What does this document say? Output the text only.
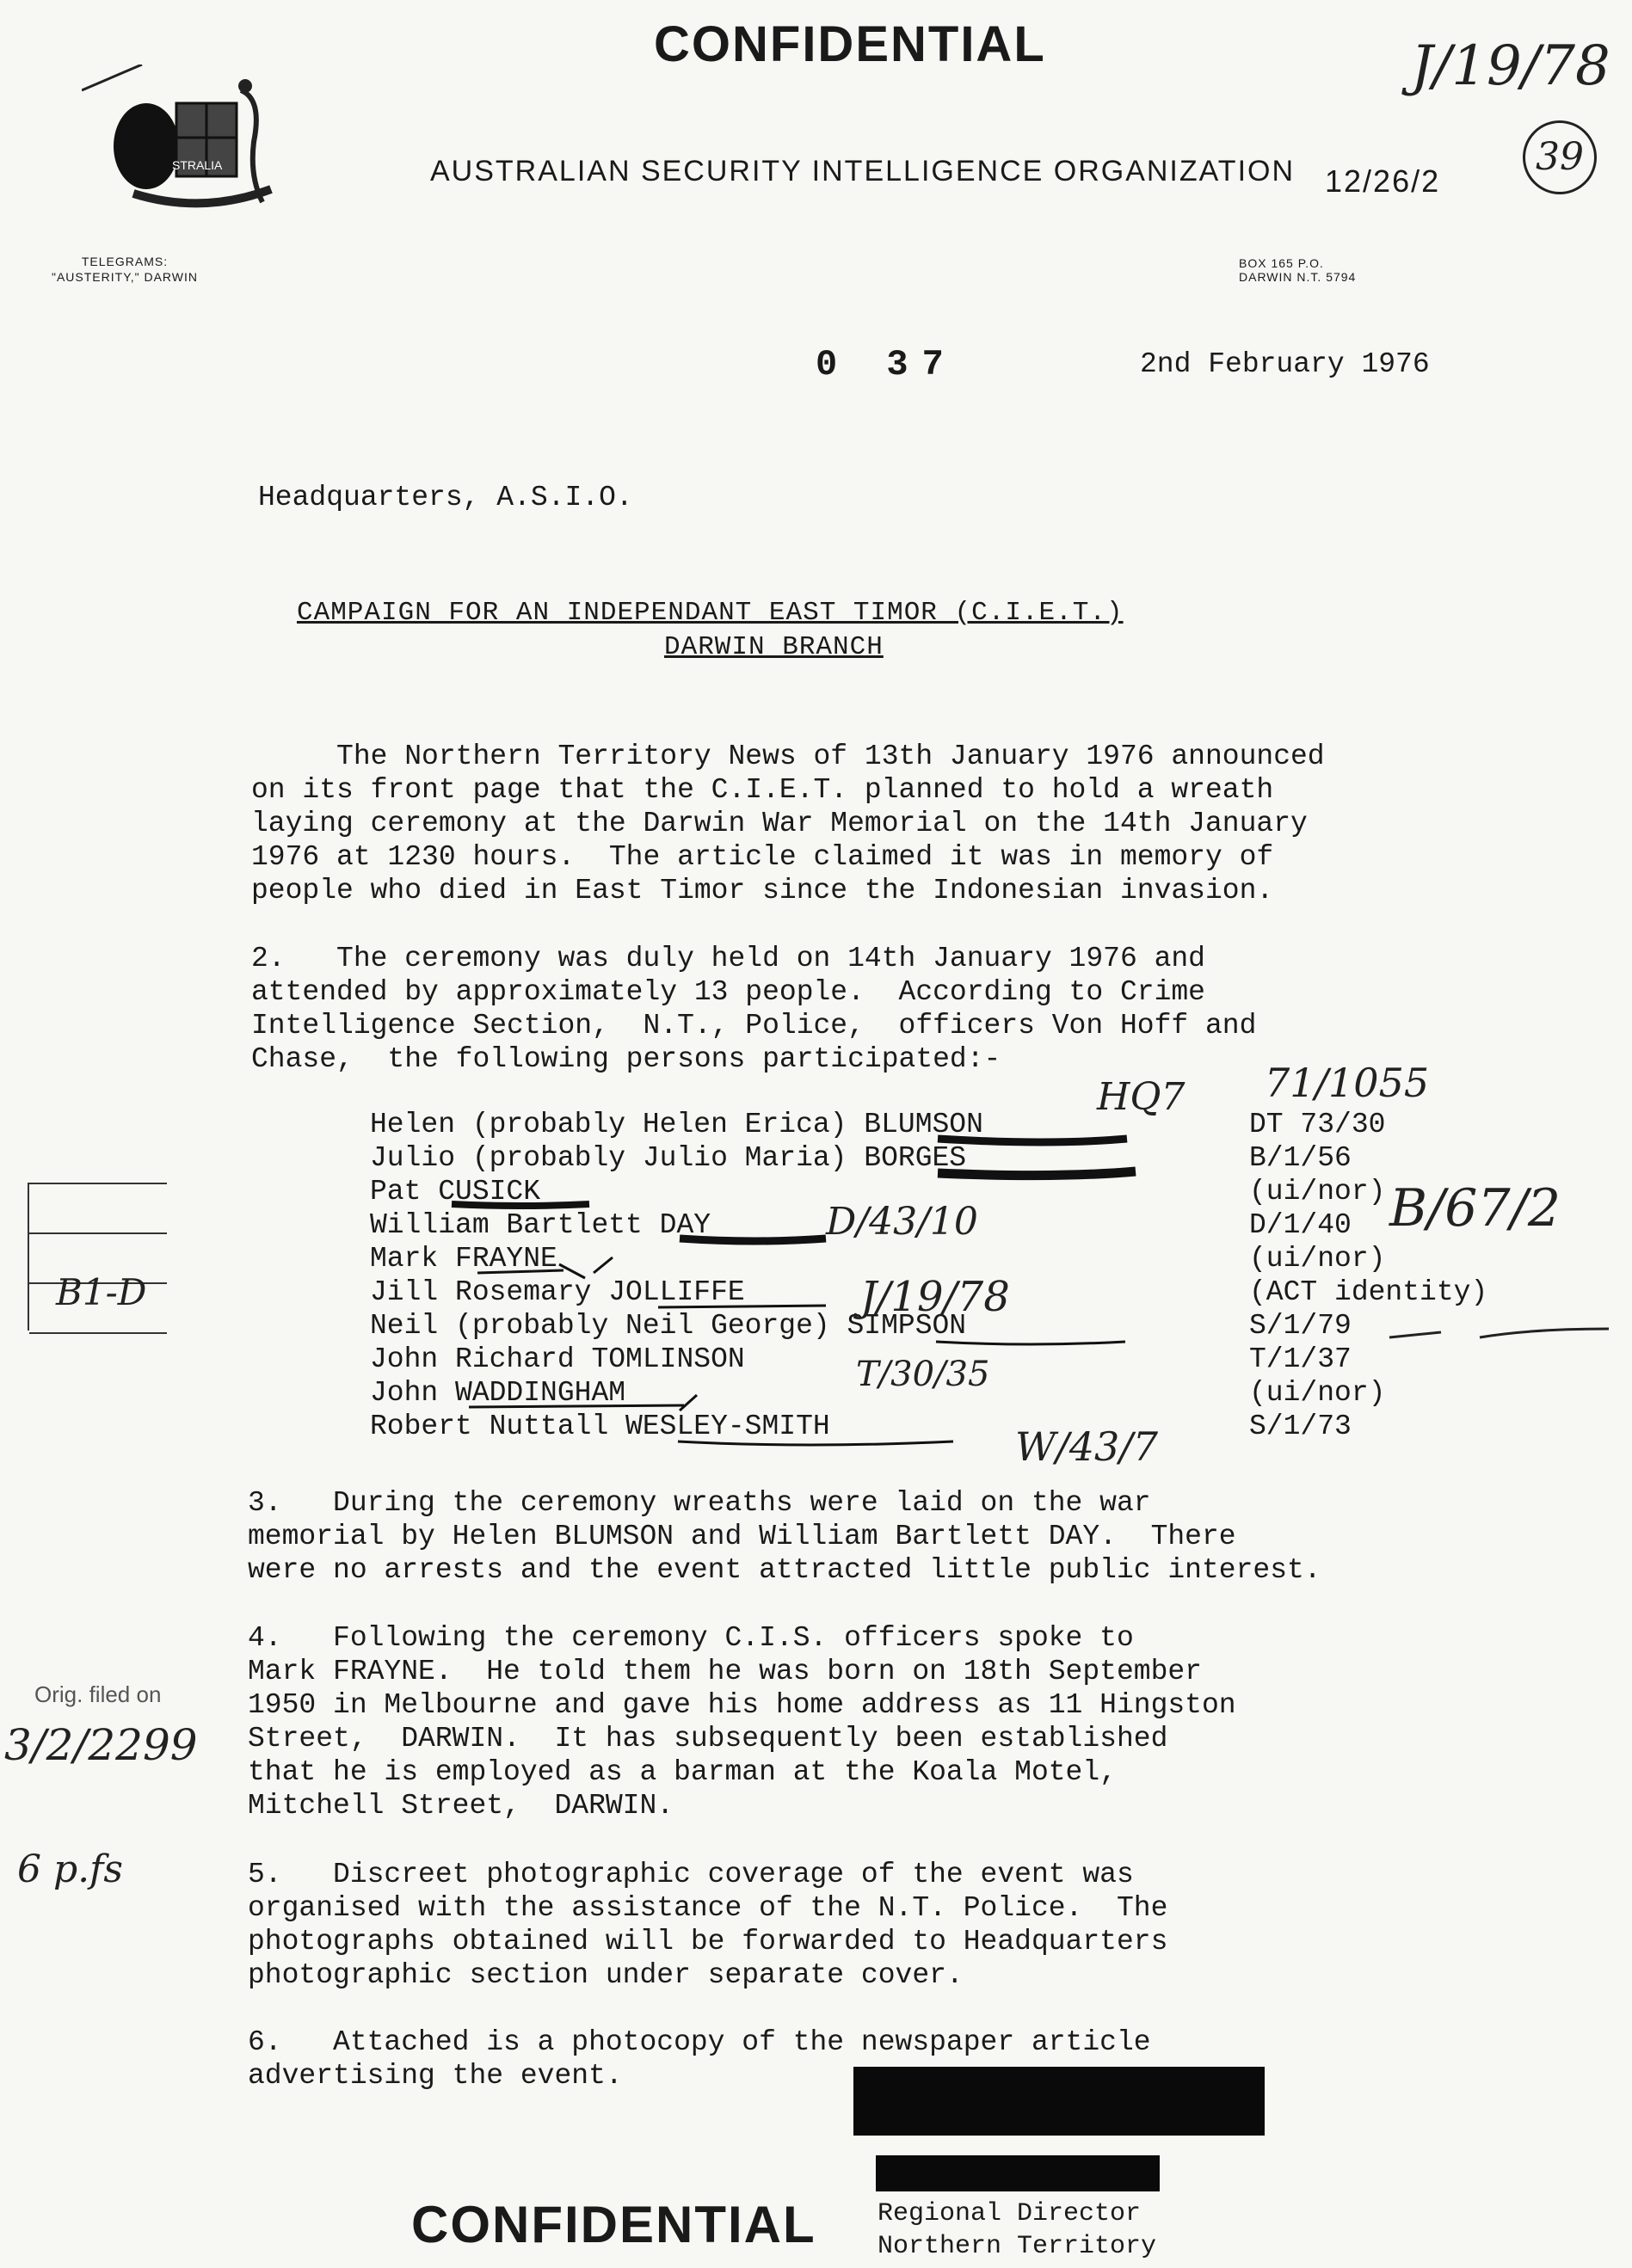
STRALIA
CONFIDENTIAL
AUSTRALIAN SECURITY INTELLIGENCE ORGANIZATION 12/26/2
TELEGRAMS:
"AUSTERITY," DARWIN
BOX 165 P.O.
DARWIN N.T. 5794
0 37	2nd February 1976
J/19/78
39
Headquarters, A.S.I.O.
CAMPAIGN FOR AN INDEPENDANT EAST TIMOR (C.I.E.T.)
DARWIN BRANCH
The Northern Territory News of 13th January 1976 announced
on its front page that the C.I.E.T. planned to hold a wreath
laying ceremony at the Darwin War Memorial on the 14th January
1976 at 1230 hours.  The article claimed it was in memory of
people who died in East Timor since the Indonesian invasion.
2.   The ceremony was duly held on 14th January 1976 and
attended by approximately 13 people.  According to Crime
Intelligence Section,  N.T., Police,  officers Von Hoff and
Chase,  the following persons participated:-
Helen (probably Helen Erica) BLUMSON
Julio (probably Julio Maria) BORGES
Pat CUSICK
William Bartlett DAY
Mark FRAYNE
Jill Rosemary JOLLIFFE
Neil (probably Neil George) SIMPSON
John Richard TOMLINSON
John WADDINGHAM
Robert Nuttall WESLEY-SMITH
DT 73/30
B/1/56
(ui/nor)
D/1/40
(ui/nor)
(ACT identity)
S/1/79
T/1/37
(ui/nor)
S/1/73
HQ7 71/1055
B/67/2
D/43/10
J/19/78
T/30/35
W/43/7
B1-D
3.   During the ceremony wreaths were laid on the war
memorial by Helen BLUMSON and William Bartlett DAY.  There
were no arrests and the event attracted little public interest.
4.   Following the ceremony C.I.S. officers spoke to
Mark FRAYNE.  He told them he was born on 18th September
1950 in Melbourne and gave his home address as 11 Hingston
Street,  DARWIN.  It has subsequently been established
that he is employed as a barman at the Koala Motel,
Mitchell Street,  DARWIN.
5.   Discreet photographic coverage of the event was
organised with the assistance of the N.T. Police.  The
photographs obtained will be forwarded to Headquarters
photographic section under separate cover.
6.   Attached is a photocopy of the newspaper article
advertising the event.
Orig. filed on
3/2/2299
6 p.fs
Regional Director
Northern Territory
CONFIDENTIAL
